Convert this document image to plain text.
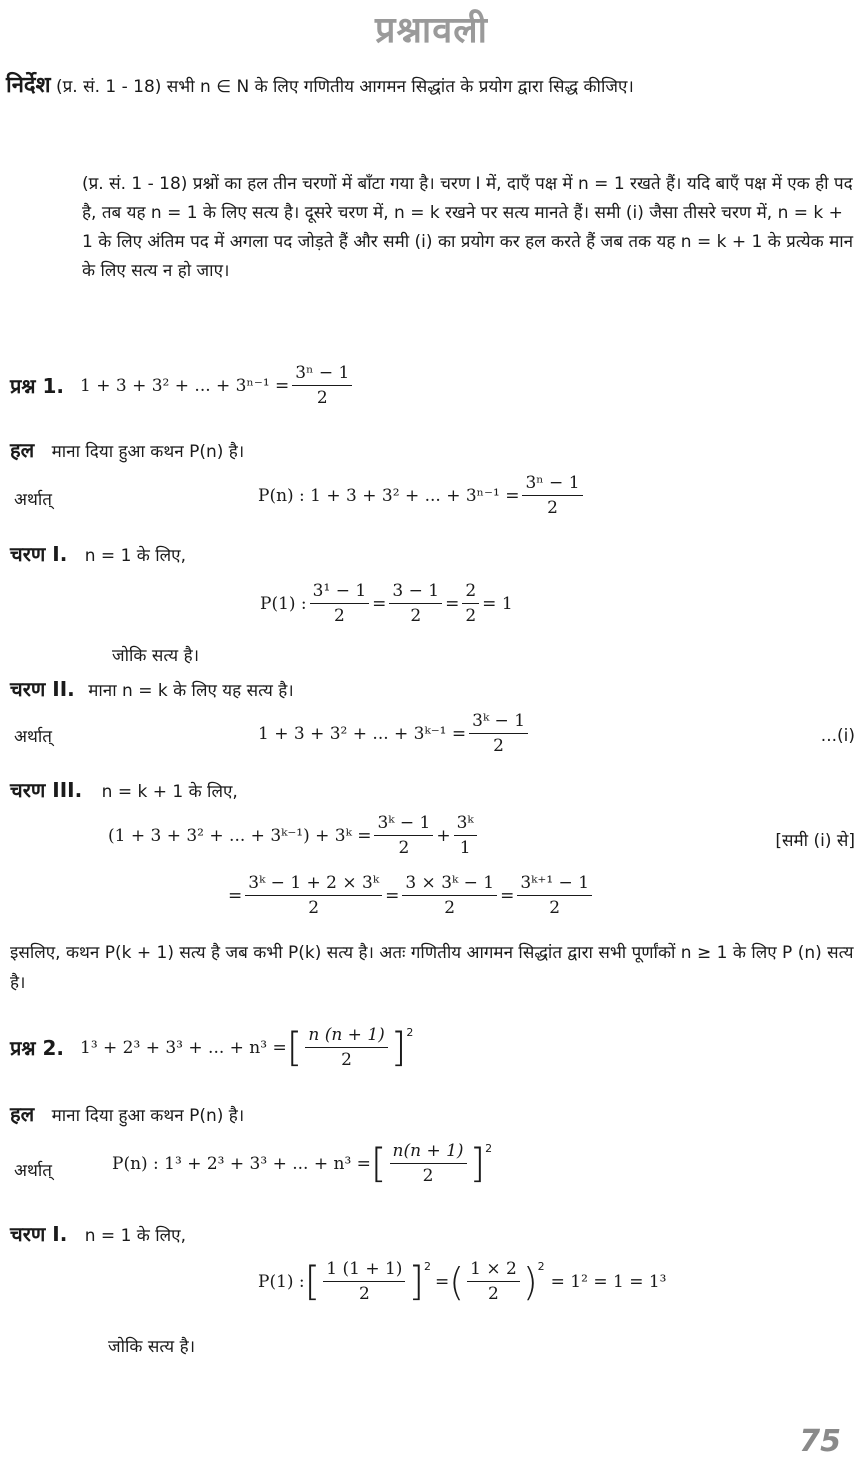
प्रश्नावली

निर्देश (प्र. सं. 1 - 18) सभी n ∈ N के लिए गणितीय आगमन सिद्धांत के प्रयोग द्वारा सिद्ध कीजिए।

(प्र. सं. 1 - 18) प्रश्नों का हल तीन चरणों में बाँटा गया है। चरण I में, दाएँ पक्ष में n = 1 रखते हैं। यदि बाएँ पक्ष में एक ही पद है, तब यह n = 1 के लिए सत्य है। दूसरे चरण में, n = k रखने पर सत्य मानते हैं। समी (i) जैसा तीसरे चरण में, n = k + 1 के लिए अंतिम पद में अगला पद जोड़ते हैं और समी (i) का प्रयोग कर हल करते हैं जब तक यह n = k + 1 के प्रत्येक मान के लिए सत्य न हो जाए।

प्रश्न 1. 1 + 3 + 3² + ... + $3^{n-1} = \frac{\text{3ⁿ − 1}}{2}$
हल माना दिया हुआ कथन P(n) है।
अर्थात्	P(n) : 1 + 3 + 3² + ... + $3^{n-1} = \frac{\text{3ⁿ − 1}}{2}$
चरण I. n = 1 के लिए,
P(1) : $\frac{\text{3¹ − 1}}{2} = \frac{3 - 1}{2} = \frac{2}{2} = 1$
जोकि सत्य है।
चरण II. माना n = k के लिए यह सत्य है।
अर्थात्	1 + 3 + 3² + ... + 3ᵏ⁻¹ = $\frac{\text{3ᵏ − 1}}{2}$	...(i)
चरण III. n = k + 1 के लिए,
(1 + 3 + 3² + ... + 3ᵏ⁻¹) + 3ᵏ = $\frac{\text{3ᵏ − 1}}{2} + \frac{\text{3ᵏ}}{1}$	[समी (i) से]
= $\frac{\text{3ᵏ − 1 + 2 × 3ᵏ}}{2} = \frac{\text{3 × 3ᵏ − 1}}{2} = \frac{\text{3ᵏ⁺¹ − 1}}{2}$

इसलिए, कथन P(k + 1) सत्य है जब कभी P(k) सत्य है। अतः गणितीय आगमन सिद्धांत द्वारा सभी पूर्णांकों n ≥ 1 के लिए P (n) सत्य है।

प्रश्न 2. 1³ + 2³ + 3³ + ... + n³ = [ $\frac{n (n + 1)}{2} ]^2$
हल माना दिया हुआ कथन P(n) है।
अर्थात्	P(n) : 1³ + 2³ + 3³ + ... + n³ = [ $\frac{n(n + 1)}{2} ]^2$
चरण I. n = 1 के लिए,
P(1) : [ $\frac{1 (1 + 1)}{2} ]^2$
= ( $\frac{1 \times 2}{2} )^2$
= 1² = 1 = 1³
जोकि सत्य है।
75
